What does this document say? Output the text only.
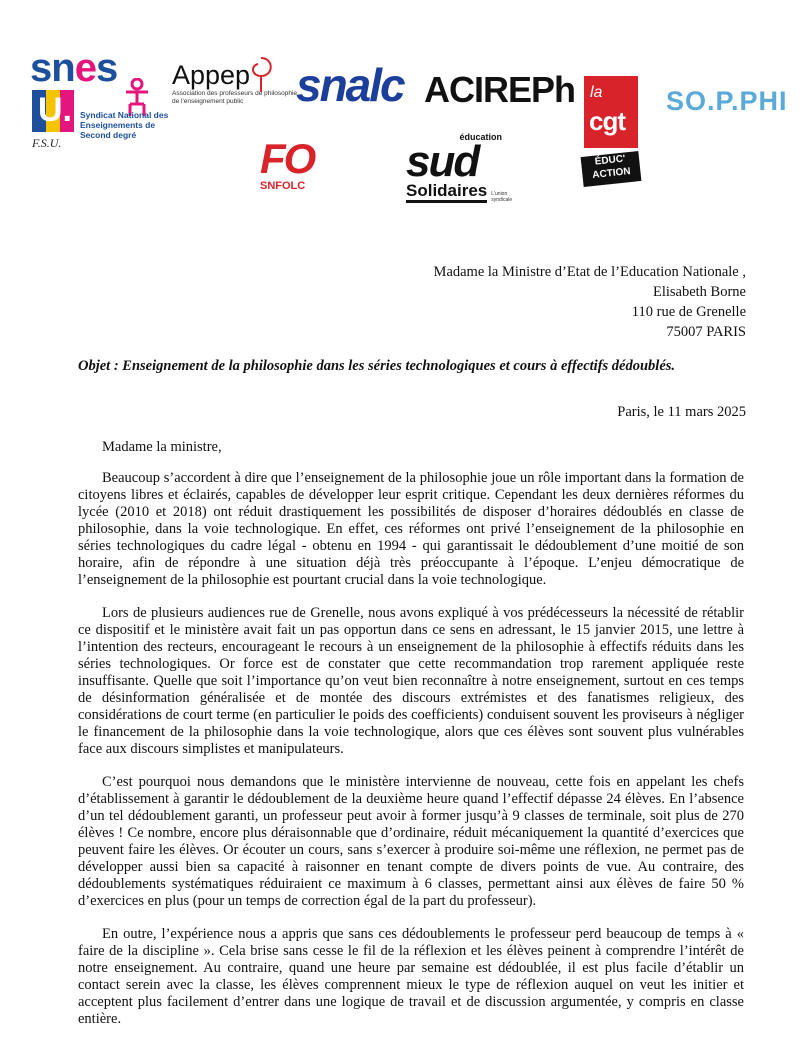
snes
U.
F.S.U.
Syndicat National des Enseignements de Second degré
Appep
Association des professeurs de philosophie de l'enseignement public	snalc ACIREPh la
cgt
ÉDUC' ACTION
SO.P.PHI
FO
SNFOLC
éducation
sud
Solidaires L'union syndicale
Madame la Ministre d’Etat de l’Education Nationale ,
Elisabeth Borne
110 rue de Grenelle
75007 PARIS
Objet : Enseignement de la philosophie dans les séries technologiques et cours à effectifs dédoublés.
Paris, le 11 mars 2025
Madame la ministre,

Beaucoup s’accordent à dire que l’enseignement de la philosophie joue un rôle important dans la formation de citoyens libres et éclairés, capables de développer leur esprit critique. Cependant les deux dernières réformes du lycée (2010 et 2018) ont réduit drastiquement les possibilités de disposer d’horaires dédoublés en classe de philosophie, dans la voie technologique. En effet, ces réformes ont privé l’enseignement de la philosophie en séries technologiques du cadre légal - obtenu en 1994 - qui garantissait le dédoublement d’une moitié de son horaire, afin de répondre à une situation déjà très préoccupante à l’époque. L’enjeu démocratique de l’enseignement de la philosophie est pourtant crucial dans la voie technologique.

Lors de plusieurs audiences rue de Grenelle, nous avons expliqué à vos prédécesseurs la nécessité de rétablir ce dispositif et le ministère avait fait un pas opportun dans ce sens en adressant, le 15 janvier 2015, une lettre à l’intention des recteurs, encourageant le recours à un enseignement de la philosophie à effectifs réduits dans les séries technologiques. Or force est de constater que cette recommandation trop rarement appliquée reste insuffisante. Quelle que soit l’importance qu’on veut bien reconnaître à notre enseignement, surtout en ces temps de désinformation généralisée et de montée des discours extrémistes et des fanatismes religieux, des considérations de court terme (en particulier le poids des coefficients) conduisent souvent les proviseurs à négliger le financement de la philosophie dans la voie technologique, alors que ces élèves sont souvent plus vulnérables face aux discours simplistes et manipulateurs.

C’est pourquoi nous demandons que le ministère intervienne de nouveau, cette fois en appelant les chefs d’établissement à garantir le dédoublement de la deuxième heure quand l’effectif dépasse 24 élèves. En l’absence d’un tel dédoublement garanti, un professeur peut avoir à former jusqu’à 9 classes de terminale, soit plus de 270 élèves ! Ce nombre, encore plus déraisonnable que d’ordinaire, réduit mécaniquement la quantité d’exercices que peuvent faire les élèves. Or écouter un cours, sans s’exercer à produire soi-même une réflexion, ne permet pas de développer aussi bien sa capacité à raisonner en tenant compte de divers points de vue. Au contraire, des dédoublements systématiques réduiraient ce maximum à 6 classes, permettant ainsi aux élèves de faire 50 % d’exercices en plus (pour un temps de correction égal de la part du professeur).

En outre, l’expérience nous a appris que sans ces dédoublements le professeur perd beaucoup de temps à « faire de la discipline ». Cela brise sans cesse le fil de la réflexion et les élèves peinent à comprendre l’intérêt de notre enseignement. Au contraire, quand une heure par semaine est dédoublée, il est plus facile d’établir un contact serein avec la classe, les élèves comprennent mieux le type de réflexion auquel on veut les initier et acceptent plus facilement d’entrer dans une logique de travail et de discussion argumentée, y compris en classe entière.
